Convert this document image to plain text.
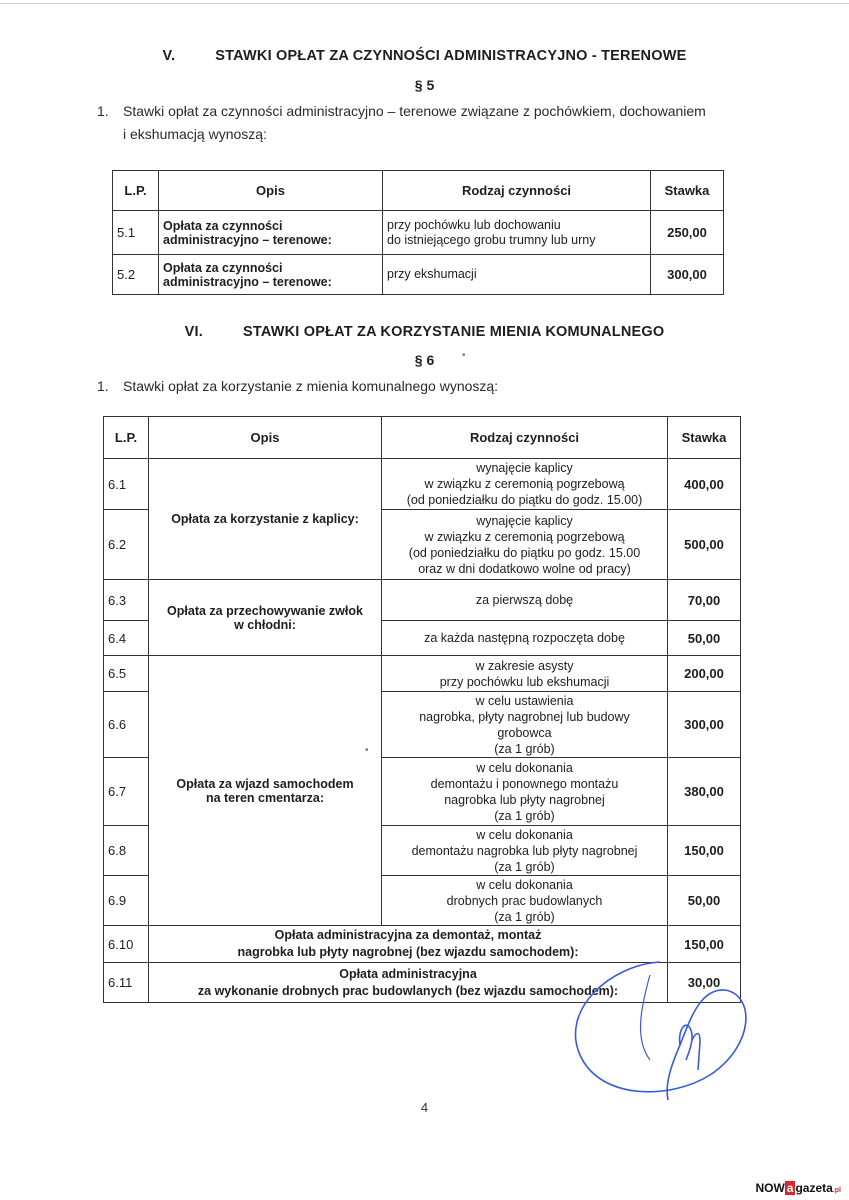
V.	STAWKI OPŁAT ZA CZYNNOŚCI ADMINISTRACYJNO - TERENOWE
§ 5
1. Stawki opłat za czynności administracyjno – terenowe związane z pochówkiem, dochowaniem
i ekshumacją wynoszą:
L.P.	Opis	Rodzaj czynności	Stawka
5.1	Opłata za czynności
administracyjno – terenowe:	przy pochówku lub dochowaniu
do istniejącego grobu trumny lub urny	250,00
5.2	Opłata za czynności
administracyjno – terenowe:	przy ekshumacji	300,00
VI.	STAWKI OPŁAT ZA KORZYSTANIE MIENIA KOMUNALNEGO
§ 6
1. Stawki opłat za korzystanie z mienia komunalnego wynoszą:
L.P.	Opis	Rodzaj czynności	Stawka
6.1	Opłata za korzystanie z kaplicy:	wynajęcie kaplicy
w związku z ceremonią pogrzebową
(od poniedziałku do piątku do godz. 15.00)	400,00
6.2		wynajęcie kaplicy
w związku z ceremonią pogrzebową
(od poniedziałku do piątku po godz. 15.00
oraz w dni dodatkowo wolne od pracy)	500,00
6.3	Opłata za przechowywanie zwłok
w chłodni:	za pierwszą dobę	70,00
6.4		za każda następną rozpoczęta dobę	50,00
6.5	Opłata za wjazd samochodem
na teren cmentarza:	w zakresie asysty
przy pochówku lub ekshumacji	200,00
6.6		w celu ustawienia
nagrobka, płyty nagrobnej lub budowy
grobowca
(za 1 grób)	300,00
6.7		w celu dokonania
demontażu i ponownego montażu
nagrobka lub płyty nagrobnej
(za 1 grób)	380,00
6.8		w celu dokonania
demontażu nagrobka lub płyty nagrobnej
(za 1 grób)	150,00
6.9		w celu dokonania
drobnych prac budowlanych
(za 1 grób)	50,00
6.10	Opłata administracyjna za demontaż, montaż
nagrobka lub płyty nagrobnej (bez wjazdu samochodem):		150,00
6.11	Opłata administracyjna
za wykonanie drobnych prac budowlanych (bez wjazdu samochodem):		30,00
•
•
4
NOW a gazeta.pl
